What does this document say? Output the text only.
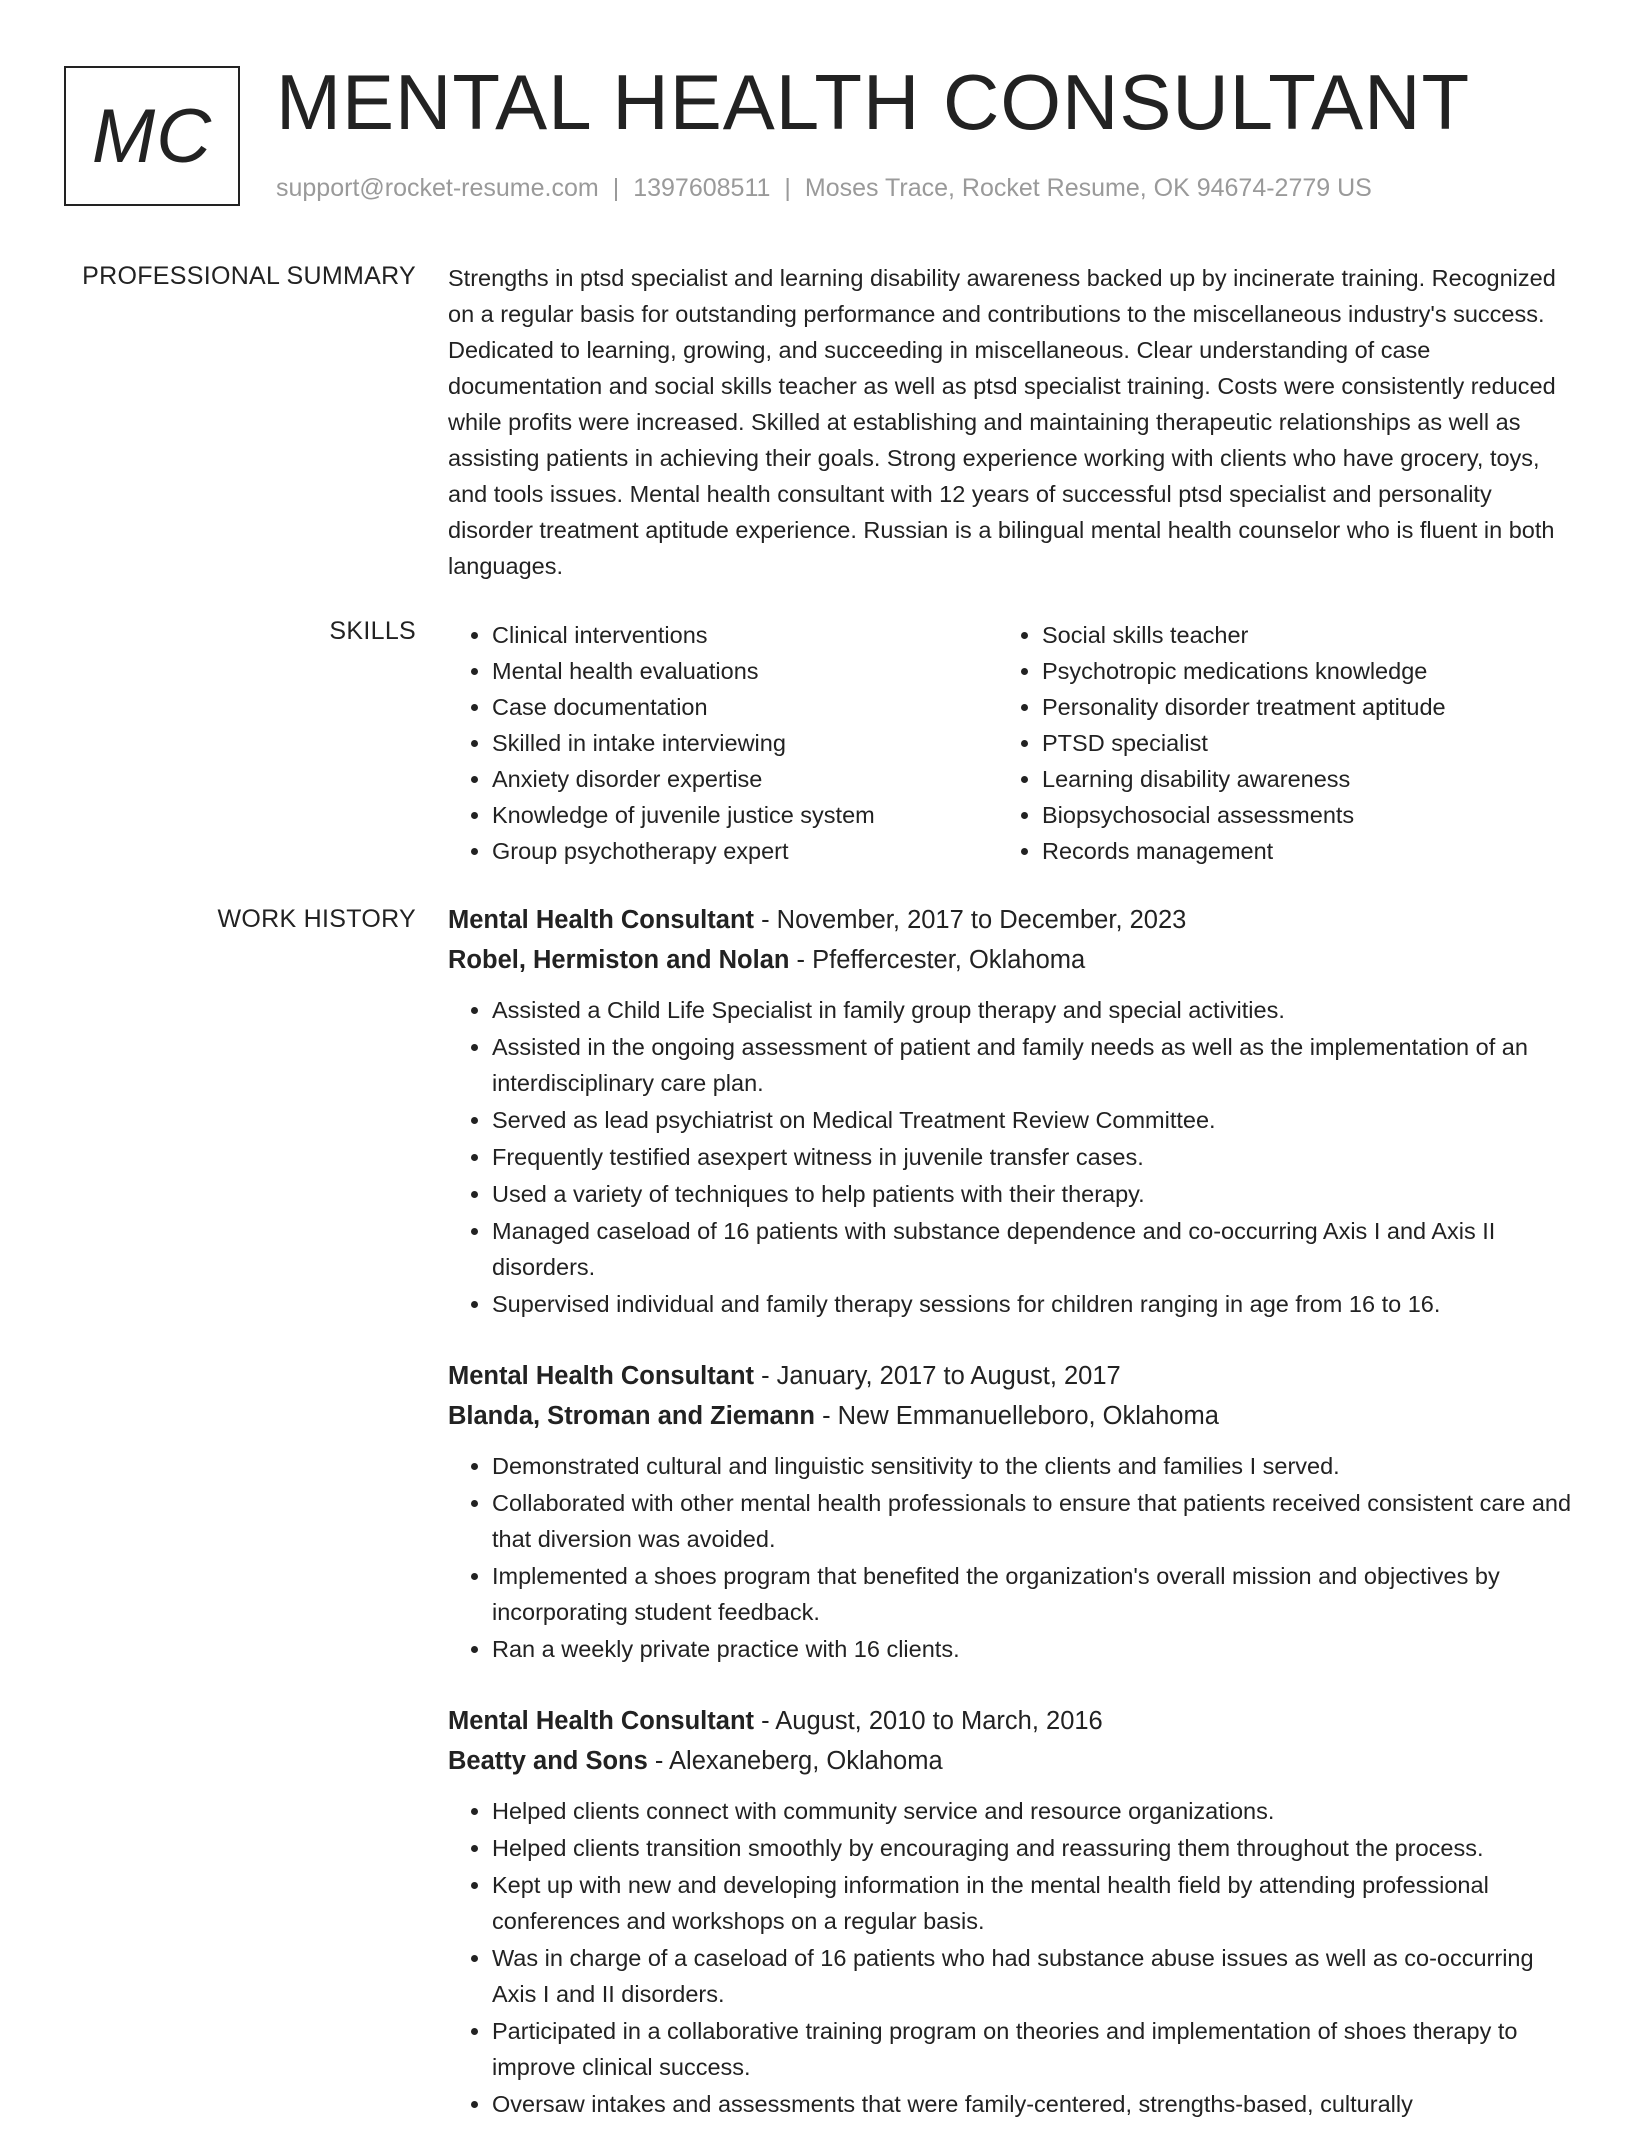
MC MENTAL HEALTH CONSULTANT
support@rocket-resume.com | 1397608511 | Moses Trace, Rocket Resume, OK 94674-2779 US
PROFESSIONAL SUMMARY Strengths in ptsd specialist and learning disability awareness backed up by incinerate training. Recognized on a regular basis for outstanding performance and contributions to the miscellaneous industry's success. Dedicated to learning, growing, and succeeding in miscellaneous. Clear understanding of case documentation and social skills teacher as well as ptsd specialist training. Costs were consistently reduced while profits were increased. Skilled at establishing and maintaining therapeutic relationships as well as assisting patients in achieving their goals. Strong experience working with clients who have grocery, toys, and tools issues. Mental health consultant with 12 years of successful ptsd specialist and personality disorder treatment aptitude experience. Russian is a bilingual mental health counselor who is fluent in both languages.

SKILLS
•	Clinical interventions
• Mental health evaluations
• Case documentation
• Skilled in intake interviewing
• Anxiety disorder expertise
• Knowledge of juvenile justice system
• Group psychotherapy expert
• Social skills teacher
• Psychotropic medications knowledge
• Personality disorder treatment aptitude
• PTSD specialist
• Learning disability awareness
• Biopsychosocial assessments
• Records management
WORK HISTORY Mental Health Consultant - November, 2017 to December, 2023
Robel, Hermiston and Nolan - Pfeffercester, Oklahoma
• Assisted a Child Life Specialist in family group therapy and special activities.
• Assisted in the ongoing assessment of patient and family needs as well as the implementation of an interdisciplinary care plan.
• Served as lead psychiatrist on Medical Treatment Review Committee.
• Frequently testified asexpert witness in juvenile transfer cases.
• Used a variety of techniques to help patients with their therapy.
• Managed caseload of 16 patients with substance dependence and co-occurring Axis I and Axis II disorders.
• Supervised individual and family therapy sessions for children ranging in age from 16 to 16.
Mental Health Consultant - January, 2017 to August, 2017
Blanda, Stroman and Ziemann - New Emmanuelleboro, Oklahoma
• Demonstrated cultural and linguistic sensitivity to the clients and families I served.
• Collaborated with other mental health professionals to ensure that patients received consistent care and that diversion was avoided.
• Implemented a shoes program that benefited the organization's overall mission and objectives by incorporating student feedback.
• Ran a weekly private practice with 16 clients.
Mental Health Consultant - August, 2010 to March, 2016
Beatty and Sons - Alexaneberg, Oklahoma
• Helped clients connect with community service and resource organizations.
• Helped clients transition smoothly by encouraging and reassuring them throughout the process.
• Kept up with new and developing information in the mental health field by attending professional conferences and workshops on a regular basis.
• Was in charge of a caseload of 16 patients who had substance abuse issues as well as co-occurring Axis I and II disorders.
• Participated in a collaborative training program on theories and implementation of shoes therapy to improve clinical success.
• Oversaw intakes and assessments that were family-centered, strengths-based, culturally
